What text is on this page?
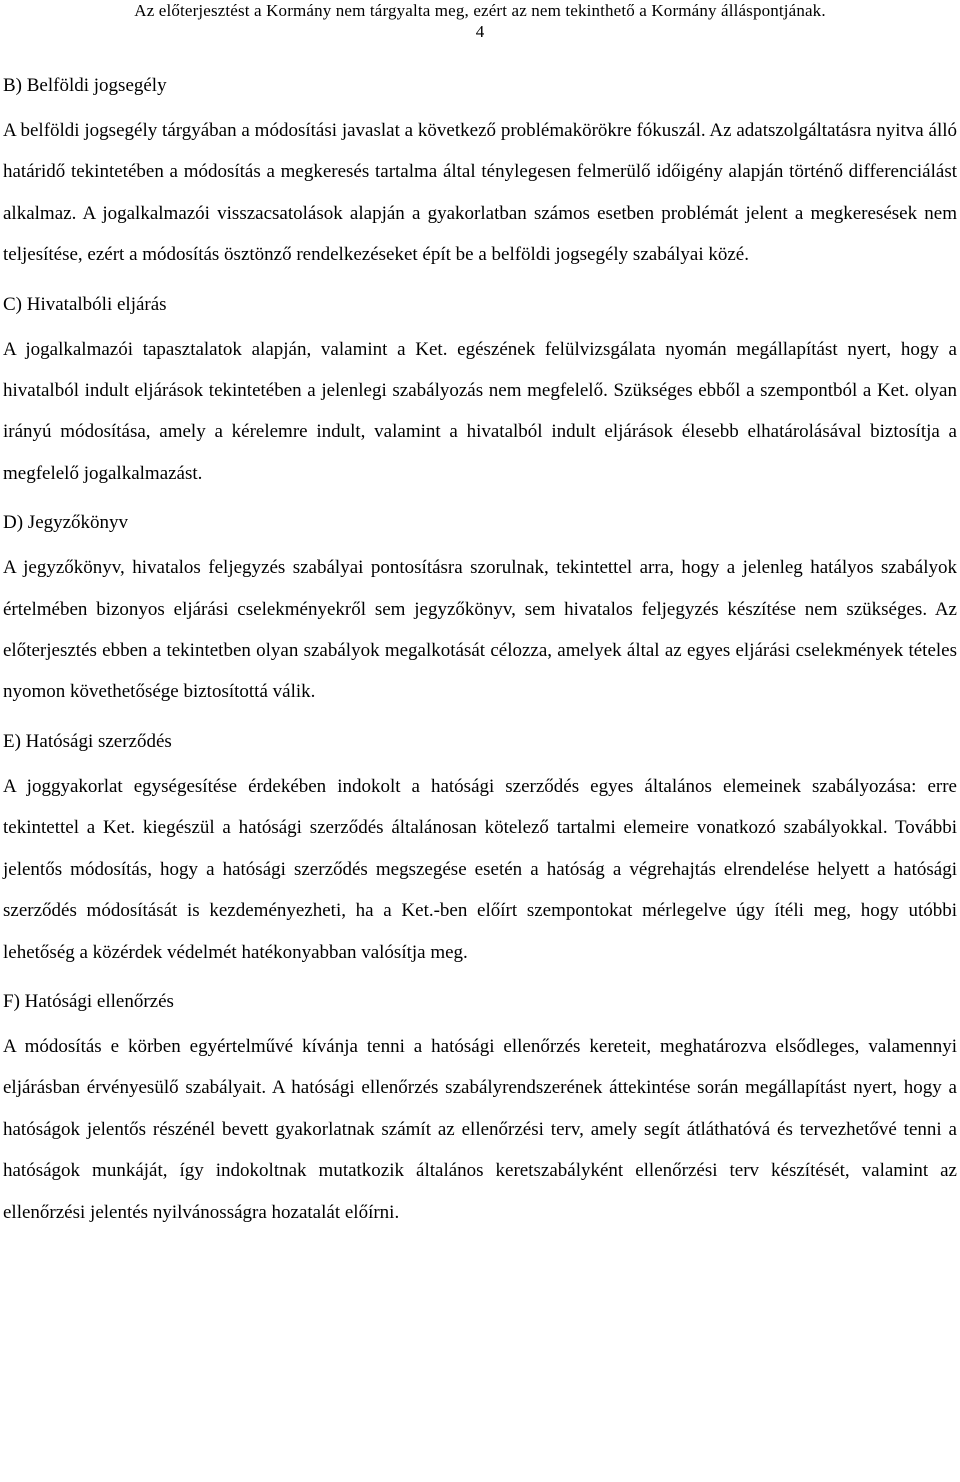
Az előterjesztést a Kormány nem tárgyalta meg, ezért az nem tekinthető a Kormány álláspontjának.
4
B) Belföldi jogsegély

A belföldi jogsegély tárgyában a módosítási javaslat a következő problémakörökre fókuszál. Az adatszolgáltatásra nyitva álló határidő tekintetében a módosítás a megkeresés tartalma által ténylegesen felmerülő időigény alapján történő differenciálást alkalmaz. A jogalkalmazói visszacsatolások alapján a gyakorlatban számos esetben problémát jelent a megkeresések nem teljesítése, ezért a módosítás ösztönző rendelkezéseket épít be a belföldi jogsegély szabályai közé.

C) Hivatalbóli eljárás

A jogalkalmazói tapasztalatok alapján, valamint a Ket. egészének felülvizsgálata nyomán megállapítást nyert, hogy a hivatalból indult eljárások tekintetében a jelenlegi szabályozás nem megfelelő. Szükséges ebből a szempontból a Ket. olyan irányú módosítása, amely a kérelemre indult, valamint a hivatalból indult eljárások élesebb elhatárolásával biztosítja a megfelelő jogalkalmazást.

D) Jegyzőkönyv

A jegyzőkönyv, hivatalos feljegyzés szabályai pontosításra szorulnak, tekintettel arra, hogy a jelenleg hatályos szabályok értelmében bizonyos eljárási cselekményekről sem jegyzőkönyv, sem hivatalos feljegyzés készítése nem szükséges. Az előterjesztés ebben a tekintetben olyan szabályok megalkotását célozza, amelyek által az egyes eljárási cselekmények tételes nyomon követhetősége biztosítottá válik.

E) Hatósági szerződés

A joggyakorlat egységesítése érdekében indokolt a hatósági szerződés egyes általános elemeinek szabályozása: erre tekintettel a Ket. kiegészül a hatósági szerződés általánosan kötelező tartalmi elemeire vonatkozó szabályokkal. További jelentős módosítás, hogy a hatósági szerződés megszegése esetén a hatóság a végrehajtás elrendelése helyett a hatósági szerződés módosítását is kezdeményezheti, ha a Ket.-ben előírt szempontokat mérlegelve úgy ítéli meg, hogy utóbbi lehetőség a közérdek védelmét hatékonyabban valósítja meg.

F) Hatósági ellenőrzés

A módosítás e körben egyértelművé kívánja tenni a hatósági ellenőrzés kereteit, meghatározva elsődleges, valamennyi eljárásban érvényesülő szabályait. A hatósági ellenőrzés szabályrendszerének áttekintése során megállapítást nyert, hogy a hatóságok jelentős részénél bevett gyakorlatnak számít az ellenőrzési terv, amely segít átláthatóvá és tervezhetővé tenni a hatóságok munkáját, így indokoltnak mutatkozik általános keretszabályként ellenőrzési terv készítését, valamint az ellenőrzési jelentés nyilvánosságra hozatalát előírni.
